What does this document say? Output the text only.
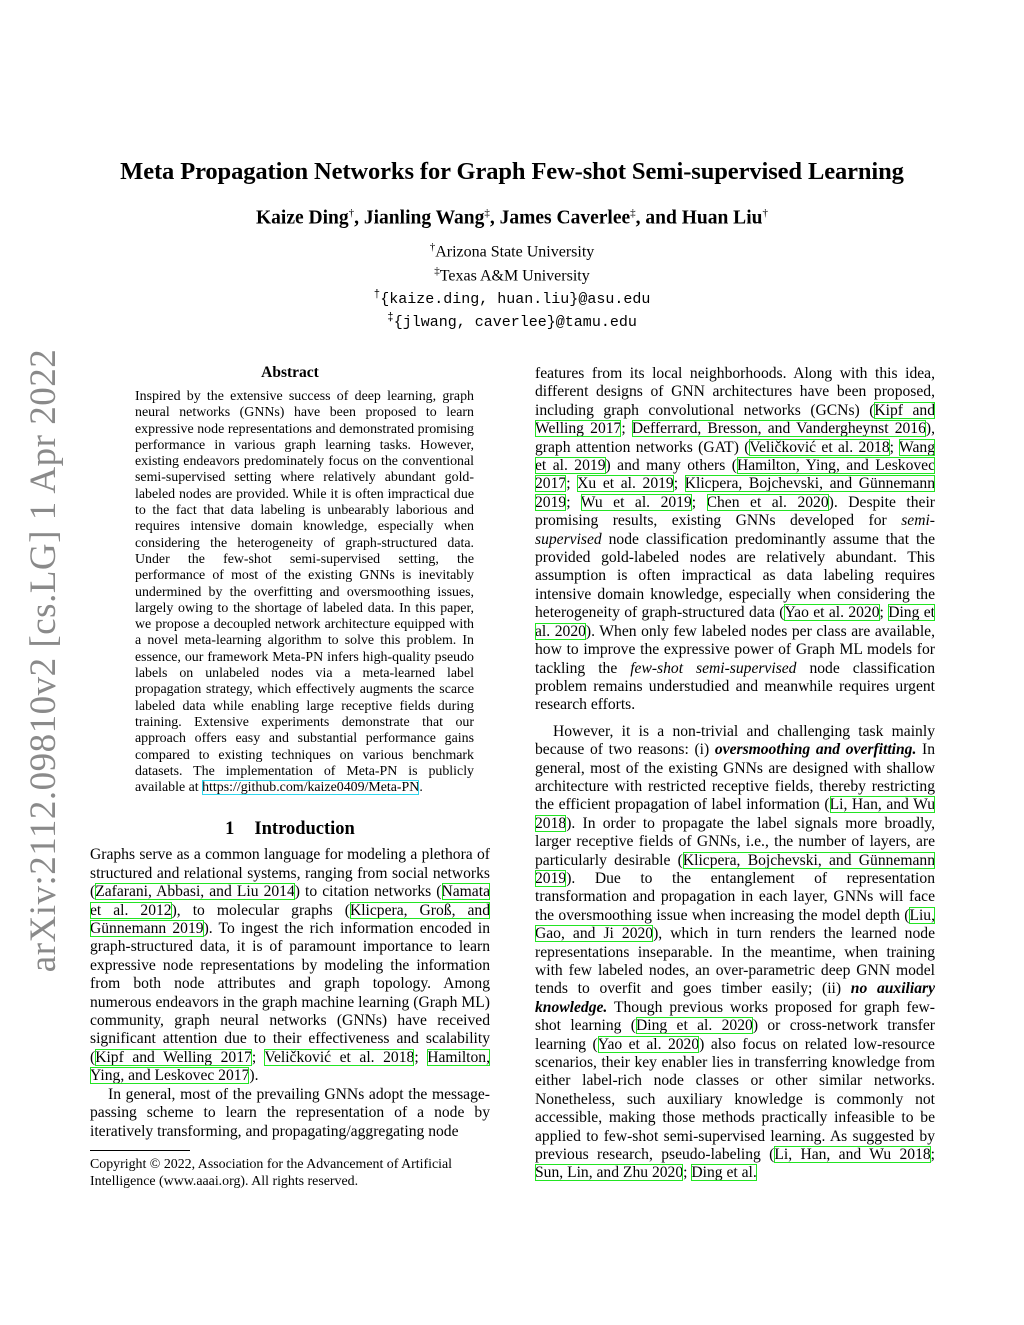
arXiv:2112.09810v2 [cs.LG] 1 Apr 2022
Meta Propagation Networks for Graph Few-shot Semi-supervised Learning
Kaize Ding†, Jianling Wang‡, James Caverlee‡, and Huan Liu†
†Arizona State University
‡Texas A&M University
†{kaize.ding, huan.liu}@asu.edu
‡{jlwang, caverlee}@tamu.edu
Abstract

Inspired by the extensive success of deep learning, graph neural networks (GNNs) have been proposed to learn expressive node representations and demonstrated promising performance in various graph learning tasks. However, existing endeavors predominately focus on the conventional semi-supervised setting where relatively abundant gold-labeled nodes are provided. While it is often impractical due to the fact that data labeling is unbearably laborious and requires intensive domain knowledge, especially when considering the heterogeneity of graph-structured data. Under the few-shot semi-supervised setting, the performance of most of the existing GNNs is inevitably undermined by the overfitting and oversmoothing issues, largely owing to the shortage of labeled data. In this paper, we propose a decoupled network architecture equipped with a novel meta-learning algorithm to solve this problem. In essence, our framework Meta-PN infers high-quality pseudo labels on unlabeled nodes via a meta-learned label propagation strategy, which effectively augments the scarce labeled data while enabling large receptive fields during training. Extensive experiments demonstrate that our approach offers easy and substantial performance gains compared to existing techniques on various benchmark datasets. The implementation of Meta-PN is publicly available at https://github.com/kaize0409/Meta-PN.

1 Introduction

Graphs serve as a common language for modeling a plethora of structured and relational systems, ranging from social networks (Zafarani, Abbasi, and Liu 2014) to citation networks (Namata et al. 2012), to molecular graphs (Klicpera, Groß, and Günnemann 2019). To ingest the rich information encoded in graph-structured data, it is of paramount importance to learn expressive node representations by modeling the information from both node attributes and graph topology. Among numerous endeavors in the graph machine learning (Graph ML) community, graph neural networks (GNNs) have received significant attention due to their effectiveness and scalability (Kipf and Welling 2017; Veličković et al. 2018; Hamilton, Ying, and Leskovec 2017).

In general, most of the prevailing GNNs adopt the message-passing scheme to learn the representation of a node by iteratively transforming, and propagating/aggregating node

Copyright © 2022, Association for the Advancement of Artificial Intelligence (www.aaai.org). All rights reserved.

features from its local neighborhoods. Along with this idea, different designs of GNN architectures have been proposed, including graph convolutional networks (GCNs) (Kipf and Welling 2017; Defferrard, Bresson, and Vandergheynst 2016), graph attention networks (GAT) (Veličković et al. 2018; Wang et al. 2019) and many others (Hamilton, Ying, and Leskovec 2017; Xu et al. 2019; Klicpera, Bojchevski, and Günnemann 2019; Wu et al. 2019; Chen et al. 2020). Despite their promising results, existing GNNs developed for semi-supervised node classification predominantly assume that the provided gold-labeled nodes are relatively abundant. This assumption is often impractical as data labeling requires intensive domain knowledge, especially when considering the heterogeneity of graph-structured data (Yao et al. 2020; Ding et al. 2020). When only few labeled nodes per class are available, how to improve the expressive power of Graph ML models for tackling the few-shot semi-supervised node classification problem remains understudied and meanwhile requires urgent research efforts.

However, it is a non-trivial and challenging task mainly because of two reasons: (i) oversmoothing and overfitting. In general, most of the existing GNNs are designed with shallow architecture with restricted receptive fields, thereby restricting the efficient propagation of label information (Li, Han, and Wu 2018). In order to propagate the label signals more broadly, larger receptive fields of GNNs, i.e., the number of layers, are particularly desirable (Klicpera, Bojchevski, and Günnemann 2019). Due to the entanglement of representation transformation and propagation in each layer, GNNs will face the oversmoothing issue when increasing the model depth (Liu, Gao, and Ji 2020), which in turn renders the learned node representations inseparable. In the meantime, when training with few labeled nodes, an over-parametric deep GNN model tends to overfit and goes timber easily; (ii) no auxiliary knowledge. Though previous works proposed for graph few-shot learning (Ding et al. 2020) or cross-network transfer learning (Yao et al. 2020) also focus on related low-resource scenarios, their key enabler lies in transferring knowledge from either label-rich node classes or other similar networks. Nonetheless, such auxiliary knowledge is commonly not accessible, making those methods practically infeasible to be applied to few-shot semi-supervised learning. As suggested by previous research, pseudo-labeling (Li, Han, and Wu 2018; Sun, Lin, and Zhu 2020; Ding et al.
